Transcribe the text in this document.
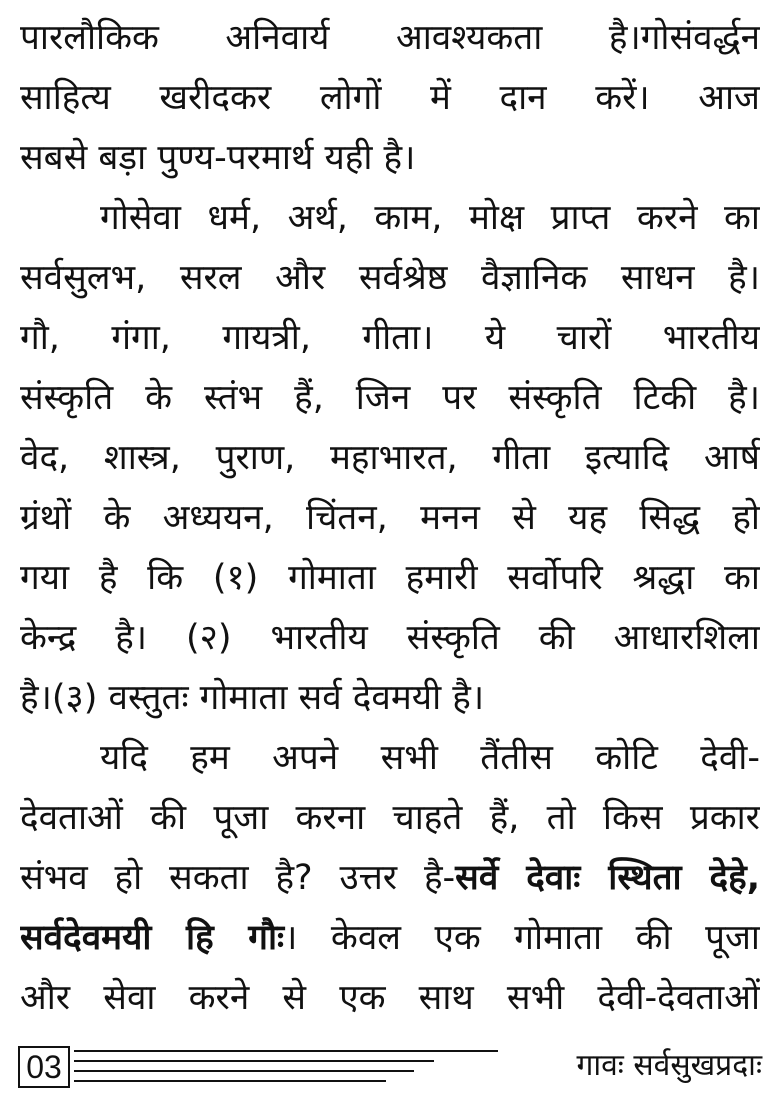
पारलौकिक अनिवार्य आवश्यकता है।गोसंवर्द्धन
साहित्य खरीदकर लोगों में दान करें। आज
सबसे बड़ा पुण्य-परमार्थ यही है।
गोसेवा धर्म, अर्थ, काम, मोक्ष प्राप्त करने का
सर्वसुलभ, सरल और सर्वश्रेष्ठ वैज्ञानिक साधन है।
गौ, गंगा, गायत्री, गीता। ये चारों भारतीय
संस्कृति के स्तंभ हैं, जिन पर संस्कृति टिकी है।
वेद, शास्त्र, पुराण, महाभारत, गीता इत्यादि आर्ष
ग्रंथों के अध्ययन, चिंतन, मनन से यह सिद्ध हो
गया है कि (१) गोमाता हमारी सर्वोपरि श्रद्धा का
केन्द्र है। (२) भारतीय संस्कृति की आधारशिला
है।(३) वस्तुतः गोमाता सर्व देवमयी है।
यदि हम अपने सभी तैंतीस कोटि देवी-
देवताओं की पूजा करना चाहते हैं, तो किस प्रकार
संभव हो सकता है? उत्तर है-सर्वे देवाः स्थिता देहे,
सर्वदेवमयी हि गौः। केवल एक गोमाता की पूजा
और सेवा करने से एक साथ सभी देवी-देवताओं
03	गावः सर्वसुखप्रदाः
